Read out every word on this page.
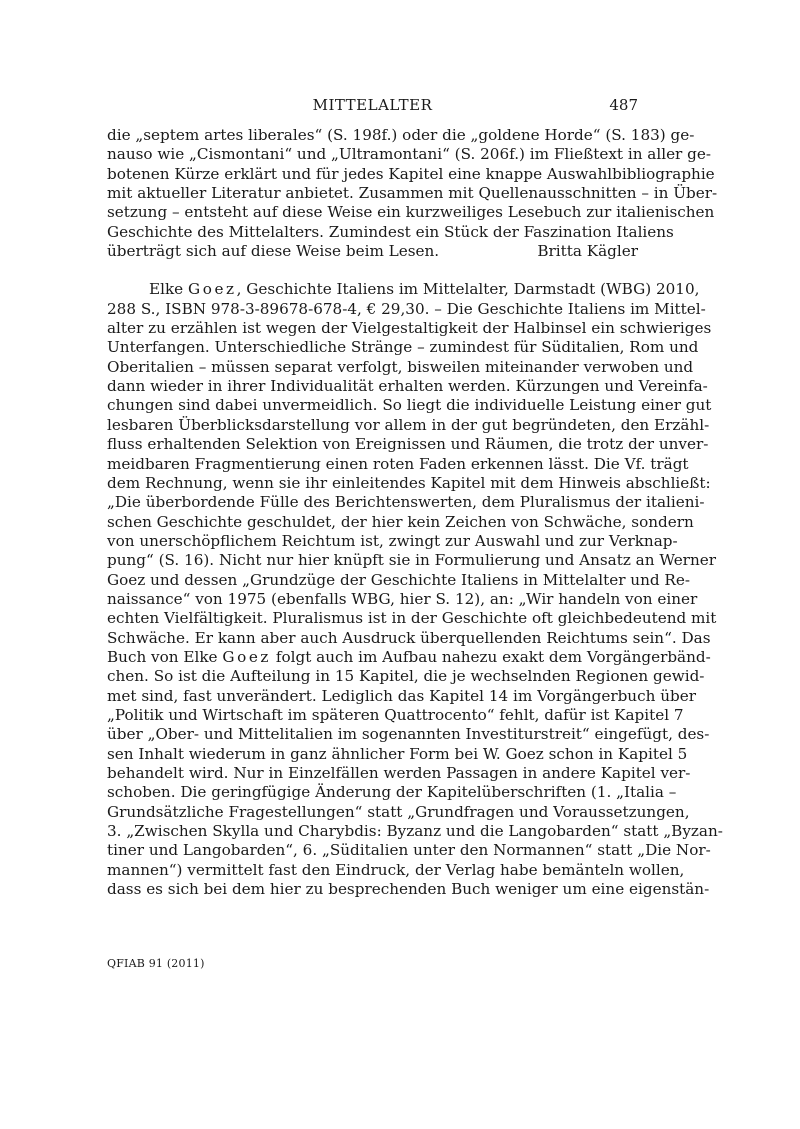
MITTELALTER	487
die „septem artes liberales“ (S. 198f.) oder die „goldene Horde“ (S. 183) ge-
nauso wie „Cismontani“ und „Ultramontani“ (S. 206f.) im Fließtext in aller ge-
botenen Kürze erklärt und für jedes Kapitel eine knappe Auswahlbibliographie
mit aktueller Literatur anbietet. Zusammen mit Quellenausschnitten – in Über-
setzung – entsteht auf diese Weise ein kurzweiliges Lesebuch zur italienischen
Geschichte des Mittelalters. Zumindest ein Stück der Faszination Italiens
überträgt sich auf diese Weise beim Lesen.	Britta Kägler
Elke Goez, Geschichte Italiens im Mittelalter, Darmstadt (WBG) 2010,
288 S., ISBN 978-3-89678-678-4, € 29,30. – Die Geschichte Italiens im Mittel-
alter zu erzählen ist wegen der Vielgestaltigkeit der Halbinsel ein schwieriges
Unterfangen. Unterschiedliche Stränge – zumindest für Süditalien, Rom und
Oberitalien – müssen separat verfolgt, bisweilen miteinander verwoben und
dann wieder in ihrer Individualität erhalten werden. Kürzungen und Vereinfa-
chungen sind dabei unvermeidlich. So liegt die individuelle Leistung einer gut
lesbaren Überblicksdarstellung vor allem in der gut begründeten, den Erzähl-
fluss erhaltenden Selektion von Ereignissen und Räumen, die trotz der unver-
meidbaren Fragmentierung einen roten Faden erkennen lässt. Die Vf. trägt
dem Rechnung, wenn sie ihr einleitendes Kapitel mit dem Hinweis abschließt:
„Die überbordende Fülle des Berichtenswerten, dem Pluralismus der italieni-
schen Geschichte geschuldet, der hier kein Zeichen von Schwäche, sondern
von unerschöpflichem Reichtum ist, zwingt zur Auswahl und zur Verknap-
pung“ (S. 16). Nicht nur hier knüpft sie in Formulierung und Ansatz an Werner
Goez und dessen „Grundzüge der Geschichte Italiens in Mittelalter und Re-
naissance“ von 1975 (ebenfalls WBG, hier S. 12), an: „Wir handeln von einer
echten Vielfältigkeit. Pluralismus ist in der Geschichte oft gleichbedeutend mit
Schwäche. Er kann aber auch Ausdruck überquellenden Reichtums sein“. Das
Buch von Elke Goez folgt auch im Aufbau nahezu exakt dem Vorgängerbänd-
chen. So ist die Aufteilung in 15 Kapitel, die je wechselnden Regionen gewid-
met sind, fast unverändert. Lediglich das Kapitel 14 im Vorgängerbuch über
„Politik und Wirtschaft im späteren Quattrocento“ fehlt, dafür ist Kapitel 7
über „Ober- und Mittelitalien im sogenannten Investiturstreit“ eingefügt, des-
sen Inhalt wiederum in ganz ähnlicher Form bei W. Goez schon in Kapitel 5
behandelt wird. Nur in Einzelfällen werden Passagen in andere Kapitel ver-
schoben. Die geringfügige Änderung der Kapitelüberschriften (1. „Italia –
Grundsätzliche Fragestellungen“ statt „Grundfragen und Voraussetzungen,
3. „Zwischen Skylla und Charybdis: Byzanz und die Langobarden“ statt „Byzan-
tiner und Langobarden“, 6. „Süditalien unter den Normannen“ statt „Die Nor-
mannen“) vermittelt fast den Eindruck, der Verlag habe bemänteln wollen,
dass es sich bei dem hier zu besprechenden Buch weniger um eine eigenstän-
QFIAB 91 (2011)
